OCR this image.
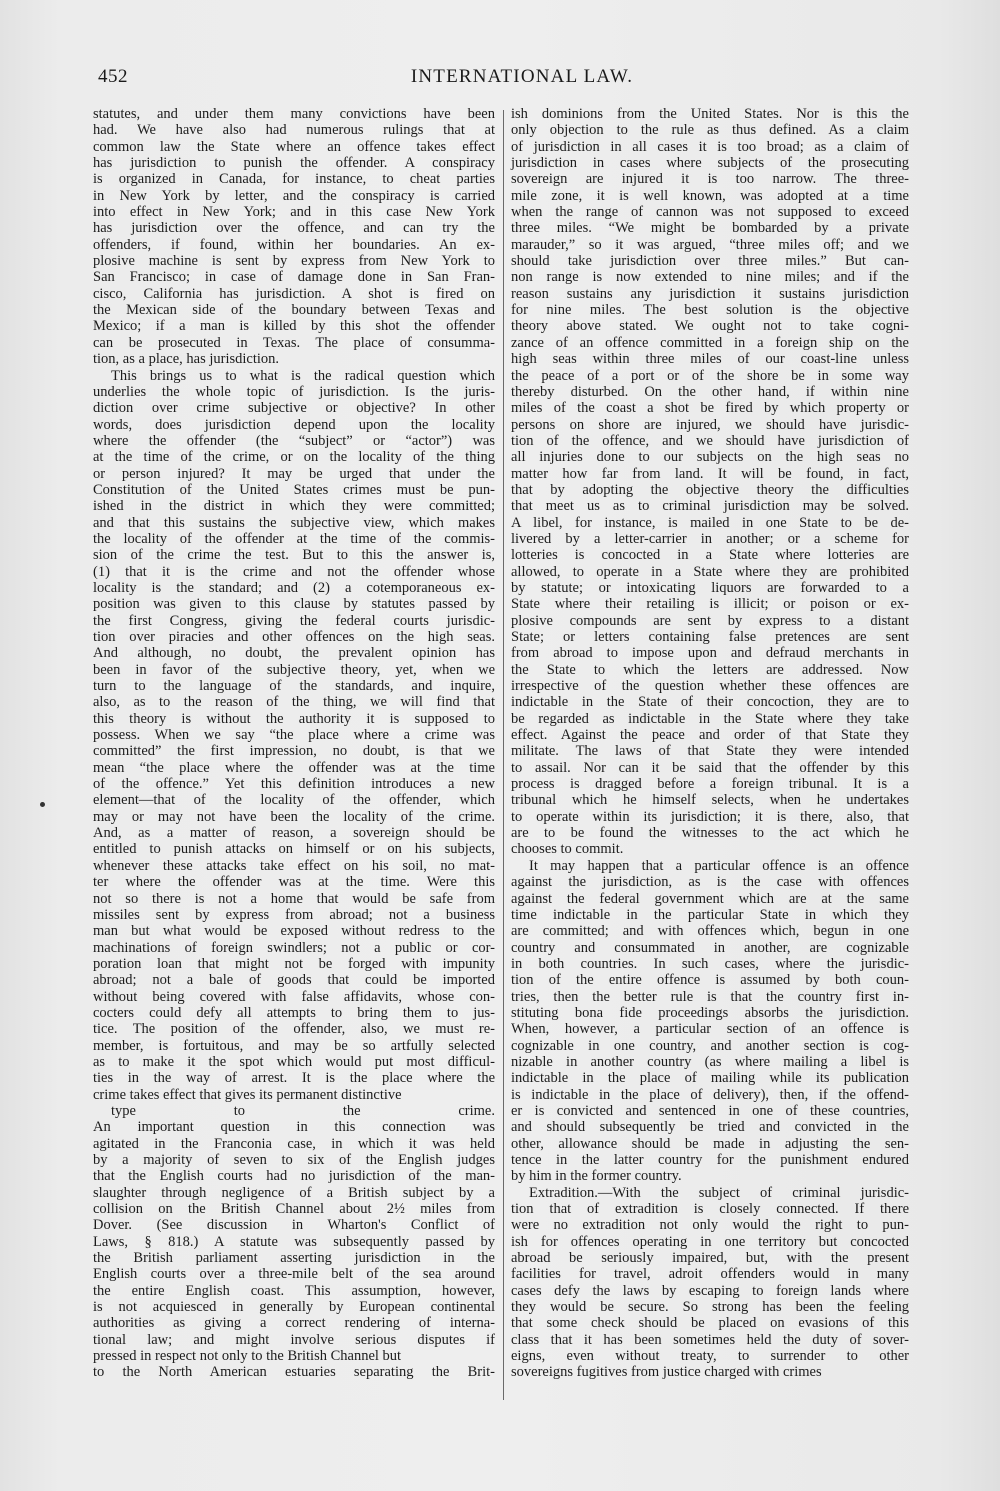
452	INTERNATIONAL LAW.
statutes, and under them many convictions have been
had. We have also had numerous rulings that at
common law the State where an offence takes effect
has jurisdiction to punish the offender. A conspiracy
is organized in Canada, for instance, to cheat parties
in New York by letter, and the conspiracy is carried
into effect in New York; and in this case New York
has jurisdiction over the offence, and can try the
offenders, if found, within her boundaries. An ex-
plosive machine is sent by express from New York to
San Francisco; in case of damage done in San Fran-
cisco, California has jurisdiction. A shot is fired on
the Mexican side of the boundary between Texas and
Mexico; if a man is killed by this shot the offender
can be prosecuted in Texas. The place of consumma-
tion, as a place, has jurisdiction.
This brings us to what is the radical question which
underlies the whole topic of jurisdiction. Is the juris-
diction over crime subjective or objective? In other
words, does jurisdiction depend upon the locality
where the offender (the “subject” or “actor”) was
at the time of the crime, or on the locality of the thing
or person injured? It may be urged that under the
Constitution of the United States crimes must be pun-
ished in the district in which they were committed;
and that this sustains the subjective view, which makes
the locality of the offender at the time of the commis-
sion of the crime the test. But to this the answer is,
(1) that it is the crime and not the offender whose
locality is the standard; and (2) a cotemporaneous ex-
position was given to this clause by statutes passed by
the first Congress, giving the federal courts jurisdic-
tion over piracies and other offences on the high seas.
And although, no doubt, the prevalent opinion has
been in favor of the subjective theory, yet, when we
turn to the language of the standards, and inquire,
also, as to the reason of the thing, we will find that
this theory is without the authority it is supposed to
possess. When we say “the place where a crime was
committed” the first impression, no doubt, is that we
mean “the place where the offender was at the time
of the offence.” Yet this definition introduces a new
element—that of the locality of the offender, which
may or may not have been the locality of the crime.
And, as a matter of reason, a sovereign should be
entitled to punish attacks on himself or on his subjects,
whenever these attacks take effect on his soil, no mat-
ter where the offender was at the time. Were this
not so there is not a home that would be safe from
missiles sent by express from abroad; not a business
man but what would be exposed without redress to the
machinations of foreign swindlers; not a public or cor-
poration loan that might not be forged with impunity
abroad; not a bale of goods that could be imported
without being covered with false affidavits, whose con-
cocters could defy all attempts to bring them to jus-
tice. The position of the offender, also, we must re-
member, is fortuitous, and may be so artfully selected
as to make it the spot which would put most difficul-
ties in the way of arrest. It is the place where the
crime takes effect that gives its permanent distinctive
type to the crime.
An important question in this connection was
agitated in the Franconia case, in which it was held
by a majority of seven to six of the English judges
that the English courts had no jurisdiction of the man-
slaughter through negligence of a British subject by a
collision on the British Channel about 2½ miles from
Dover. (See discussion in Wharton's Conflict of
Laws, § 818.) A statute was subsequently passed by
the British parliament asserting jurisdiction in the
English courts over a three-mile belt of the sea around
the entire English coast. This assumption, however,
is not acquiesced in generally by European continental
authorities as giving a correct rendering of interna-
tional law; and might involve serious disputes if
pressed in respect not only to the British Channel but
to the North American estuaries separating the Brit-
ish dominions from the United States. Nor is this the
only objection to the rule as thus defined. As a claim
of jurisdiction in all cases it is too broad; as a claim of
jurisdiction in cases where subjects of the prosecuting
sovereign are injured it is too narrow. The three-
mile zone, it is well known, was adopted at a time
when the range of cannon was not supposed to exceed
three miles. “We might be bombarded by a private
marauder,” so it was argued, “three miles off; and we
should take jurisdiction over three miles.” But can-
non range is now extended to nine miles; and if the
reason sustains any jurisdiction it sustains jurisdiction
for nine miles. The best solution is the objective
theory above stated. We ought not to take cogni-
zance of an offence committed in a foreign ship on the
high seas within three miles of our coast-line unless
the peace of a port or of the shore be in some way
thereby disturbed. On the other hand, if within nine
miles of the coast a shot be fired by which property or
persons on shore are injured, we should have jurisdic-
tion of the offence, and we should have jurisdiction of
all injuries done to our subjects on the high seas no
matter how far from land. It will be found, in fact,
that by adopting the objective theory the difficulties
that meet us as to criminal jurisdiction may be solved.
A libel, for instance, is mailed in one State to be de-
livered by a letter-carrier in another; or a scheme for
lotteries is concocted in a State where lotteries are
allowed, to operate in a State where they are prohibited
by statute; or intoxicating liquors are forwarded to a
State where their retailing is illicit; or poison or ex-
plosive compounds are sent by express to a distant
State; or letters containing false pretences are sent
from abroad to impose upon and defraud merchants in
the State to which the letters are addressed. Now
irrespective of the question whether these offences are
indictable in the State of their concoction, they are to
be regarded as indictable in the State where they take
effect. Against the peace and order of that State they
militate. The laws of that State they were intended
to assail. Nor can it be said that the offender by this
process is dragged before a foreign tribunal. It is a
tribunal which he himself selects, when he undertakes
to operate within its jurisdiction; it is there, also, that
are to be found the witnesses to the act which he
chooses to commit.
It may happen that a particular offence is an offence
against the jurisdiction, as is the case with offences
against the federal government which are at the same
time indictable in the particular State in which they
are committed; and with offences which, begun in one
country and consummated in another, are cognizable
in both countries. In such cases, where the jurisdic-
tion of the entire offence is assumed by both coun-
tries, then the better rule is that the country first in-
stituting bona fide proceedings absorbs the jurisdiction.
When, however, a particular section of an offence is
cognizable in one country, and another section is cog-
nizable in another country (as where mailing a libel is
indictable in the place of mailing while its publication
is indictable in the place of delivery), then, if the offend-
er is convicted and sentenced in one of these countries,
and should subsequently be tried and convicted in the
other, allowance should be made in adjusting the sen-
tence in the latter country for the punishment endured
by him in the former country.
Extradition.—With the subject of criminal jurisdic-
tion that of extradition is closely connected. If there
were no extradition not only would the right to pun-
ish for offences operating in one territory but concocted
abroad be seriously impaired, but, with the present
facilities for travel, adroit offenders would in many
cases defy the laws by escaping to foreign lands where
they would be secure. So strong has been the feeling
that some check should be placed on evasions of this
class that it has been sometimes held the duty of sover-
eigns, even without treaty, to surrender to other
sovereigns fugitives from justice charged with crimes
